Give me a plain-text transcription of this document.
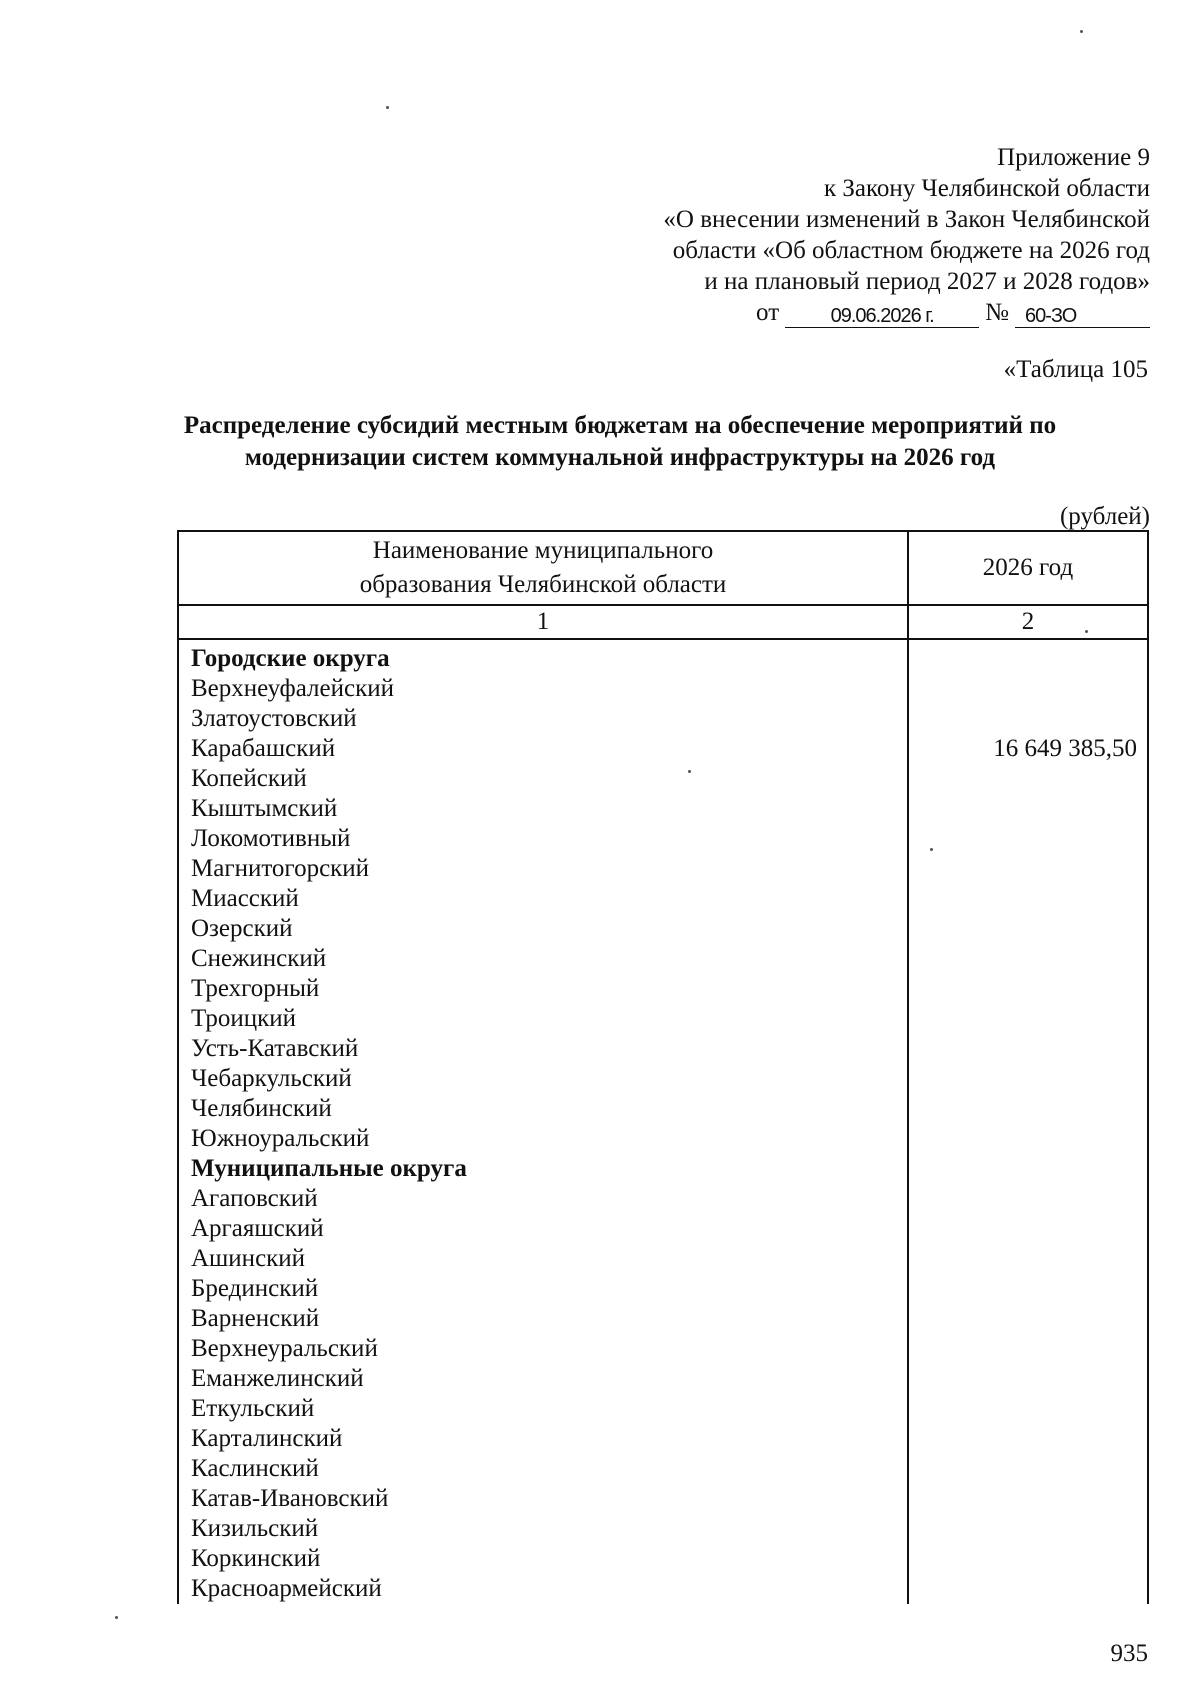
Приложение 9
к Закону Челябинской области
«О внесении изменений в Закон Челябинской
области «Об областном бюджете на 2026 год
и на плановый период 2027 и 2028 годов»
от	09.06.2026 г.	№ 60-ЗО
«Таблица 105
Распределение субсидий местным бюджетам на обеспечение мероприятий по модернизации систем коммунальной инфраструктуры на 2026 год
(рублей)
Наименование муниципального
образования Челябинской области	2026 год
1	2
Городские округа	
Верхнеуфалейский	
Златоустовский	
Карабашский	16 649 385,50
Копейский	
Кыштымский	
Локомотивный	
Магнитогорский	
Миасский	
Озерский	
Снежинский	
Трехгорный	
Троицкий	
Усть-Катавский	
Чебаркульский	
Челябинский	
Южноуральский	
Муниципальные округа	
Агаповский	
Аргаяшский	
Ашинский	
Брединский	
Варненский	
Верхнеуральский	
Еманжелинский	
Еткульский	
Карталинский	
Каслинский	
Катав-Ивановский	
Кизильский	
Коркинский	
Красноармейский	
935
